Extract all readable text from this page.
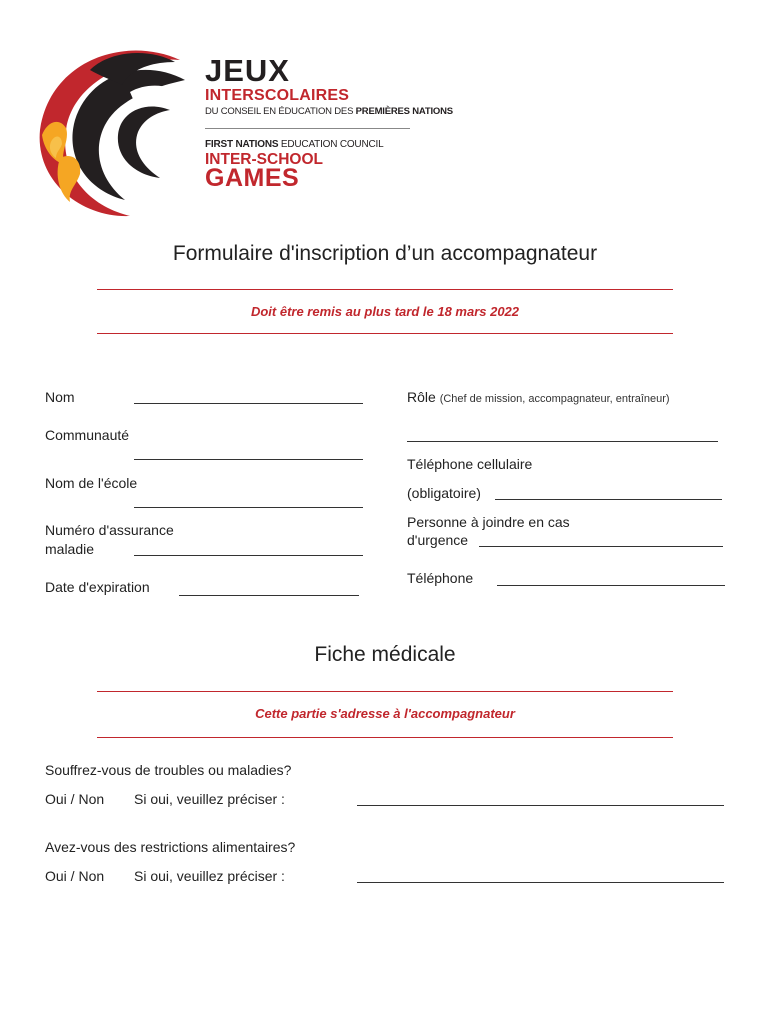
JEUX
INTERSCOLAIRES
DU CONSEIL EN ÉDUCATION DES PREMIÈRES NATIONS
FIRST NATIONS EDUCATION COUNCIL
INTER-SCHOOL
GAMES
Formulaire d'inscription d’un accompagnateur
Doit être remis au plus tard le 18 mars 2022
Nom
Communauté
Nom de l'école
Numéro d'assurance
maladie
Date d'expiration
Rôle (Chef de mission, accompagnateur, entraîneur)
Téléphone cellulaire
(obligatoire)
Personne à joindre en cas
d'urgence
Téléphone
Fiche médicale
Cette partie s'adresse à l'accompagnateur
Souffrez-vous de troubles ou maladies?
Oui / Non Si oui, veuillez préciser :
Avez-vous des restrictions alimentaires?
Oui / Non Si oui, veuillez préciser :
